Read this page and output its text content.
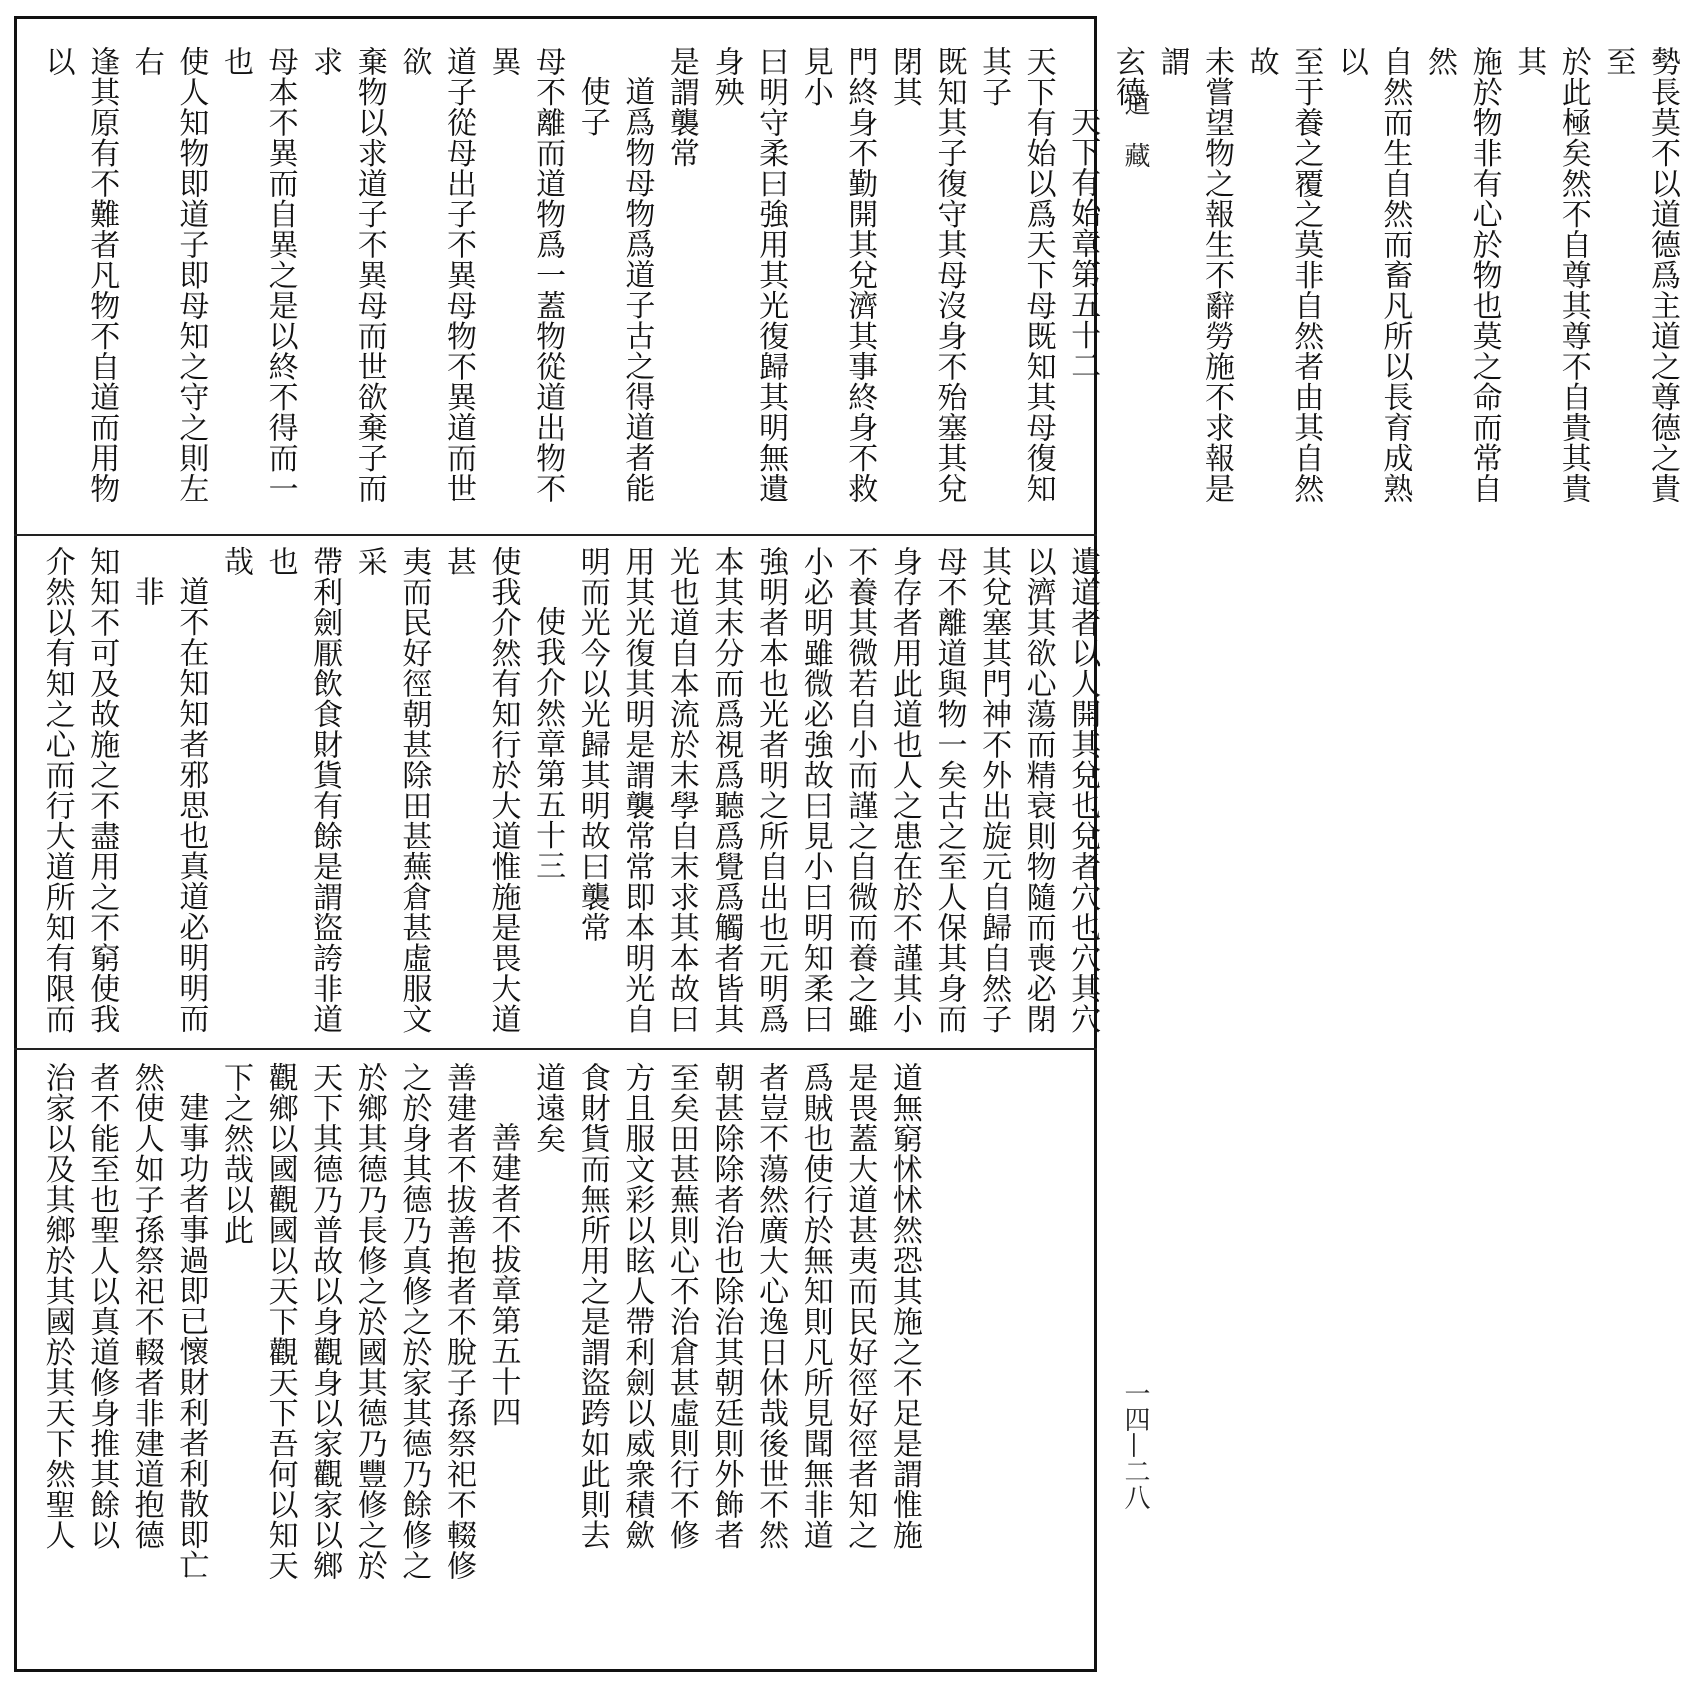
道　藏
一四—二八
勢長莫不以道德爲主道之尊德之貴至
於此極矣然不自尊其尊不自貴其貴其
施於物非有心於物也莫之命而常自然
自然而生自然而畜凡所以長育成熟以
至于養之覆之莫非自然者由其自然故
未嘗望物之報生不辭勞施不求報是謂
玄德
天下有始章第五十二
天下有始以爲天下母既知其母復知其子
既知其子復守其母沒身不殆塞其兌閉其
門終身不勤開其兌濟其事終身不救見小
曰明守柔曰強用其光復歸其明無遺身殃
是謂襲常
道爲物母物爲道子古之得道者能使子
母不離而道物爲一蓋物從道出物不異
道子從母出子不異母物不異道而世欲
棄物以求道子不異母而世欲棄子而求
母本不異而自異之是以終不得而一也
使人知物即道子即母知之守之則左右
逢其原有不難者凡物不自道而用物以
遺道者以人開其兌也兌者穴也穴其穴
以濟其欲心蕩而精衰則物隨而喪必閉
其兌塞其門神不外出旋元自歸自然子
母不離道與物一矣古之至人保其身而
身存者用此道也人之患在於不謹其小
不養其微若自小而謹之自微而養之雖
小必明雖微必強故曰見小曰明知柔曰
強明者本也光者明之所自出也元明爲
本其末分而爲視爲聽爲覺爲觸者皆其
光也道自本流於末學自末求其本故曰
用其光復其明是謂襲常常即本明光自
明而光今以光歸其明故曰襲常
使我介然章第五十三
使我介然有知行於大道惟施是畏大道甚
夷而民好徑朝甚除田甚蕪倉甚虛服文采
帶利劍厭飲食財貨有餘是謂盜誇非道也
哉
道不在知知者邪思也真道必明明而非
知知不可及故施之不盡用之不窮使我
介然以有知之心而行大道所知有限而
道無窮怵怵然恐其施之不足是謂惟施
是畏蓋大道甚夷而民好徑好徑者知之
爲賊也使行於無知則凡所見聞無非道
者豈不蕩然廣大心逸日休哉後世不然
朝甚除除者治也除治其朝廷則外飾者
至矣田甚蕪則心不治倉甚虛則行不修
方且服文彩以眩人帶利劍以威衆積歛
食財貨而無所用之是謂盜跨如此則去
道遠矣
善建者不拔章第五十四
善建者不拔善抱者不脫子孫祭祀不輟修
之於身其德乃真修之於家其德乃餘修之
於鄉其德乃長修之於國其德乃豐修之於
天下其德乃普故以身觀身以家觀家以鄉
觀鄉以國觀國以天下觀天下吾何以知天
下之然哉以此
建事功者事過即已懷財利者利散即亡
然使人如子孫祭祀不輟者非建道抱德
者不能至也聖人以真道修身推其餘以
治家以及其鄉於其國於其天下然聖人
